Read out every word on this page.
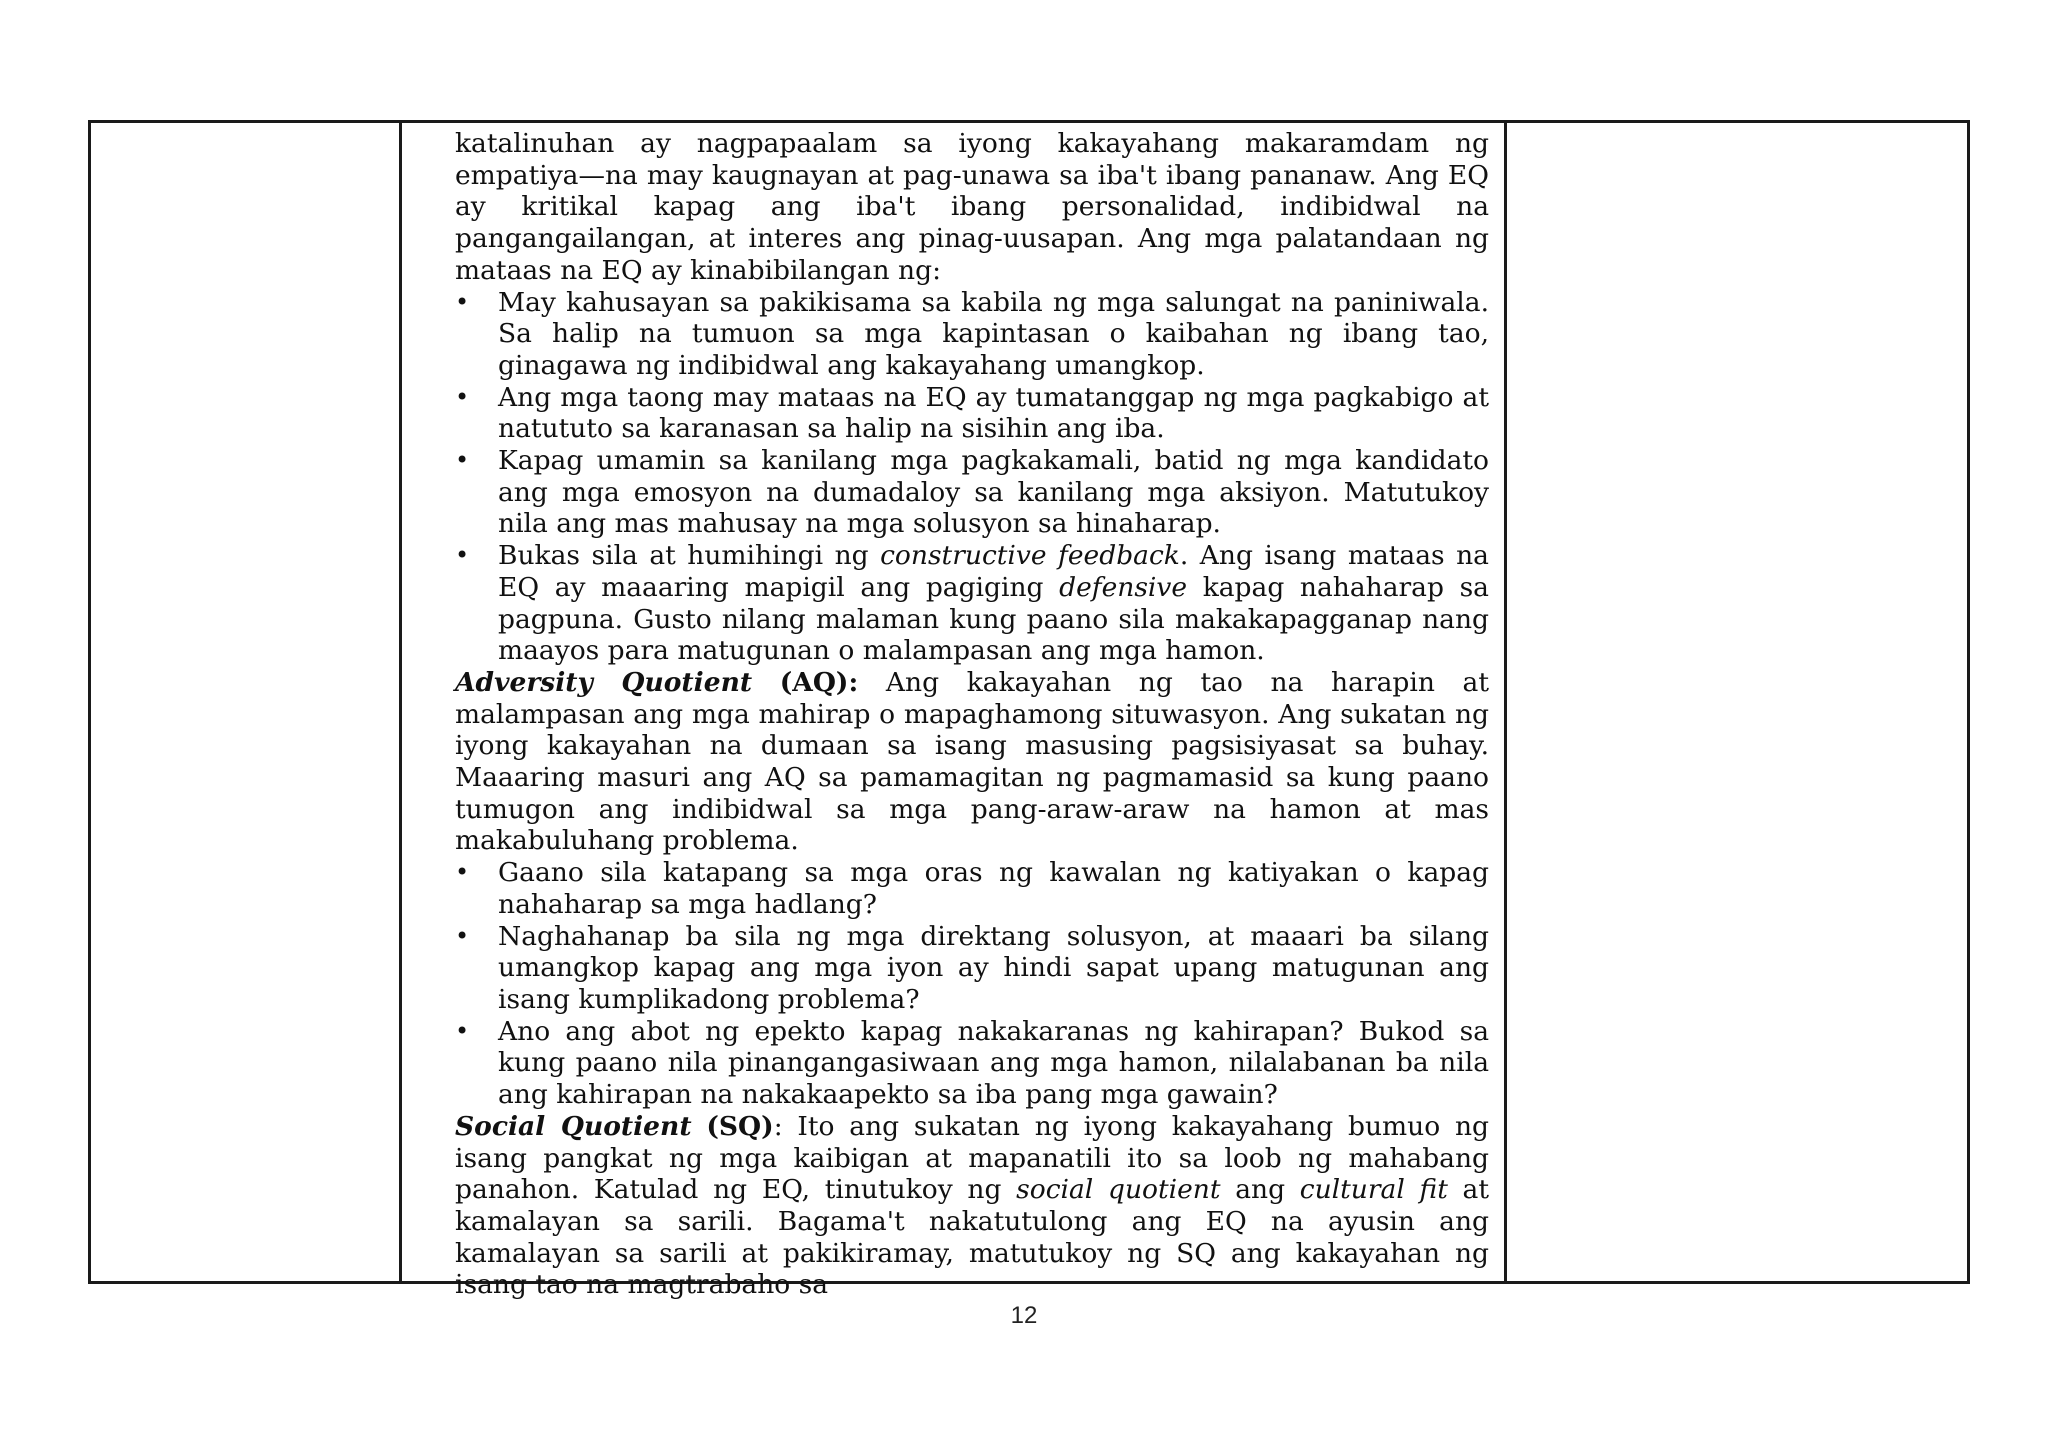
katalinuhan ay nagpapaalam sa iyong kakayahang makaramdam ng empatiya—na may kaugnayan at pag-unawa sa iba't ibang pananaw. Ang EQ ay kritikal kapag ang iba't ibang personalidad, indibidwal na pangangailangan, at interes ang pinag-uusapan. Ang mga palatandaan ng mataas na EQ ay kinabibilangan ng:

• May kahusayan sa pakikisama sa kabila ng mga salungat na paniniwala. Sa halip na tumuon sa mga kapintasan o kaibahan ng ibang tao, ginagawa ng indibidwal ang kakayahang umangkop.
• Ang mga taong may mataas na EQ ay tumatanggap ng mga pagkabigo at natututo sa karanasan sa halip na sisihin ang iba.
• Kapag umamin sa kanilang mga pagkakamali, batid ng mga kandidato ang mga emosyon na dumadaloy sa kanilang mga aksiyon. Matutukoy nila ang mas mahusay na mga solusyon sa hinaharap.
• Bukas sila at humihingi ng constructive feedback. Ang isang mataas na EQ ay maaaring mapigil ang pagiging defensive kapag nahaharap sa pagpuna. Gusto nilang malaman kung paano sila makakapagganap nang maayos para matugunan o malampasan ang mga hamon.

Adversity Quotient (AQ): Ang kakayahan ng tao na harapin at malampasan ang mga mahirap o mapaghamong situwasyon. Ang sukatan ng iyong kakayahan na dumaan sa isang masusing pagsisiyasat sa buhay. Maaaring masuri ang AQ sa pamamagitan ng pagmamasid sa kung paano tumugon ang indibidwal sa mga pang-araw-araw na hamon at mas makabuluhang problema.

• Gaano sila katapang sa mga oras ng kawalan ng katiyakan o kapag nahaharap sa mga hadlang?
• Naghahanap ba sila ng mga direktang solusyon, at maaari ba silang umangkop kapag ang mga iyon ay hindi sapat upang matugunan ang isang kumplikadong problema?
• Ano ang abot ng epekto kapag nakakaranas ng kahirapan? Bukod sa kung paano nila pinangangasiwaan ang mga hamon, nilalabanan ba nila ang kahirapan na nakakaapekto sa iba pang mga gawain?

Social Quotient (SQ): Ito ang sukatan ng iyong kakayahang bumuo ng isang pangkat ng mga kaibigan at mapanatili ito sa loob ng mahabang panahon. Katulad ng EQ, tinutukoy ng social quotient ang cultural fit at kamalayan sa sarili. Bagama't nakatutulong ang EQ na ayusin ang kamalayan sa sarili at pakikiramay, matutukoy ng SQ ang kakayahan ng isang tao na magtrabaho sa

12
